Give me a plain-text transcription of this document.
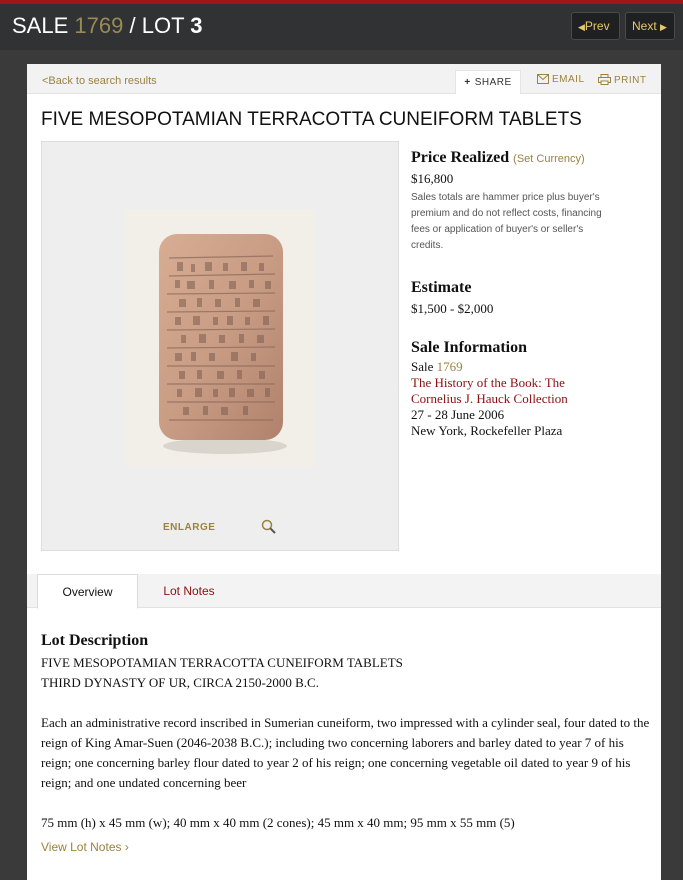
SALE 1769 / LOT 3	◀Prev	Next ▶
<Back to search results	+ SHARE	EMAIL	PRINT
FIVE MESOPOTAMIAN TERRACOTTA CUNEIFORM TABLETS
ENLARGE
Price Realized (Set Currency)
$16,800
Sales totals are hammer price plus buyer's premium and do not reflect costs, financing fees or application of buyer's or seller's credits.
Estimate
$1,500 - $2,000
Sale Information
Sale 1769
The History of the Book: The Cornelius J. Hauck Collection
27 - 28 June 2006
New York, Rockefeller Plaza
Overview	Lot Notes
Lot Description

FIVE MESOPOTAMIAN TERRACOTTA CUNEIFORM TABLETS

THIRD DYNASTY OF UR, CIRCA 2150-2000 B.C.

Each an administrative record inscribed in Sumerian cuneiform, two impressed with a cylinder seal, four dated to the reign of King Amar-Suen (2046-2038 B.C.); including two concerning laborers and barley dated to year 7 of his reign; one concerning barley flour dated to year 2 of his reign; one concerning vegetable oil dated to year 9 of his reign; and one undated concerning beer

75 mm (h) x 45 mm (w); 40 mm x 40 mm (2 cones); 45 mm x 40 mm; 95 mm x 55 mm (5)

View Lot Notes ›
